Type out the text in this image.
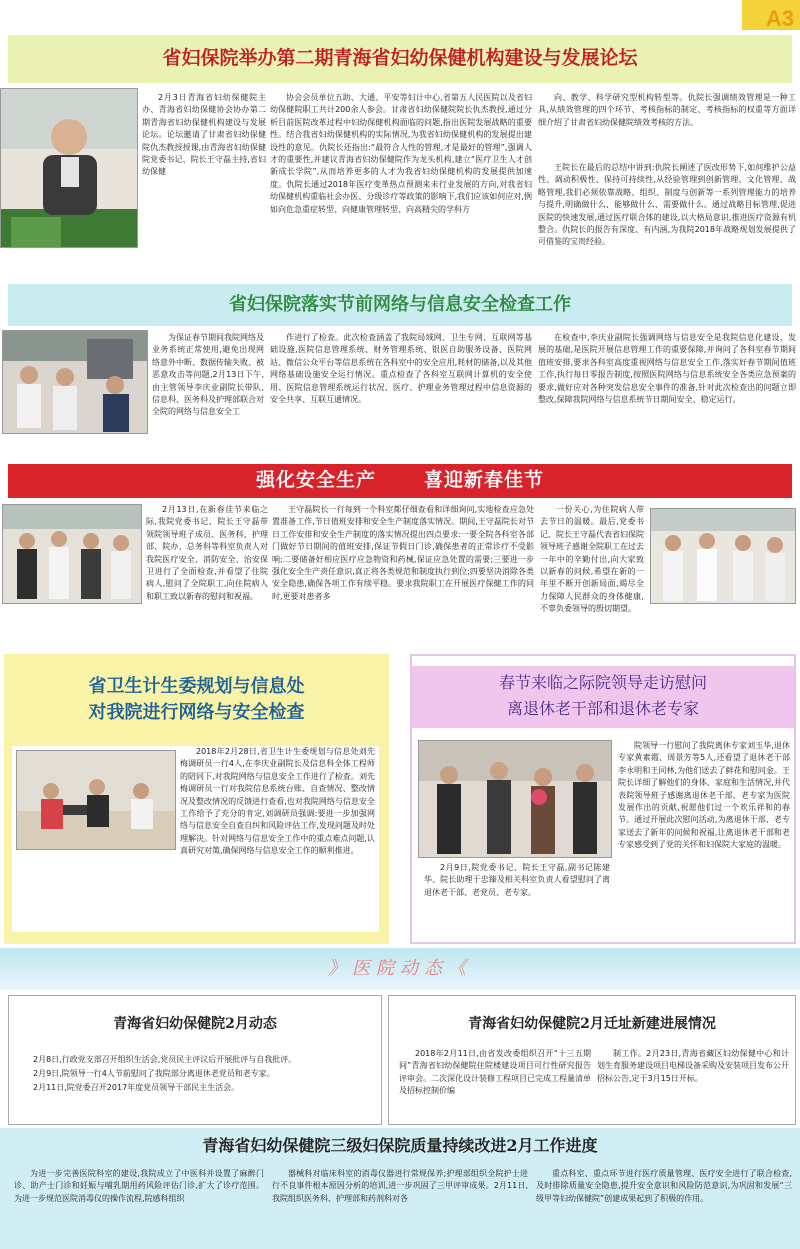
A3
省妇保院举办第二期青海省妇幼保健机构建设与发展论坛
2月3日青海省妇幼保健院主办、青海省妇幼保健协会协办第二期青海省妇幼保健机构建设与发展论坛。论坛邀请了甘肃省妇幼保健院仇杰教授授课,由青海省妇幼保健院党委书记、院长王守磊主持,省妇幼保健
协会会员单位五助、大通、平安等妇计中心,省第五人民医院以及省妇幼保健院职工共计200余人参会。甘肃省妇幼保健院院长仇杰教授,通过分析目前医院改革过程中妇幼保健机构面临的问题,指出医院发展战略的重要性。结合我省妇幼保健机构的实际情况,为我省妇幼保健机构的发展提出建设性的意见。仇院长还指出:“最符合人性的管理,才是最好的管理”,强调人才的重要性,并建议青海省妇幼保健院作为龙头机构,建立“医疗卫生人才创新成长学院”,从而培养更多的人才为我省妇幼保健机构的发展提供加速度。仇院长通过2018年医疗变革热点预测来未行业发展的方向,对我省妇幼保健机构重临社会办医、分级诊疗等政策的影响下,我们应该如何应对,例如向危急重症转型、向健康管理转型、向高精尖的学科方
向、教学、科学研究型机构转型等。仇院长强调绩效管理是一种工具,从绩效管理的四个环节、考核指标的制定、考核指标的权重等方面详细介绍了甘肃省妇幼保健院绩效考核的方法。
王院长在最后的总结中讲到:仇院长阐述了医改形势下,如何维护公益性、调动积极性、保持可持续性,从经验管理到创新管理、文化管理、战略管理,我们必须依靠战略、组织、制度与创新等一系列管理能力的培养与提升,明确做什么、能够做什么、需要做什么。通过战略目标管理,促进医院的快速发展,通过医疗联合体的建设,以大格局意识,推进医疗资源有机整合。仇院长的报告有深度、有内涵,为我院2018年战略规划发展提供了可借鉴的宝贵经验。
省妇保院落实节前网络与信息安全检查工作
为保证春节期间我院网络及业务系统正常使用,避免出现网络意外中断、数据传输失败、被恶意攻击等问题,2月13日下午,由主管领导李庆业副院长带队,信息科、医务科及护理部联合对全院的网络与信息安全工
作进行了检查。此次检查涵盖了我院局域网、卫生专网、互联网等基础设施,医院信息管理系统、财务管理系统、银医自助服务设备、医院网站、微信公众平台等信息系统在各科室中的安全应用,耗材的储备,以及其他网络基础设施安全运行情况。重点检查了各科室互联网计算机的安全使用、医院信息管理系统运行状况、医疗、护理业务管理过程中信息资源的安全共享、互联互通情况。
在检查中,李庆业副院长强调网络与信息安全是我院信息化建设、发展的基础,是医院开展信息管理工作的重要保障,并询问了各科室春节期间值班安排,要求各科室高度重视网络与信息安全工作,落实好春节期间值班工作,执行每日零报告制度,按照医院网络与信息系统安全各类应急预案的要求,做好应对各种突发信息安全事件的准备,针对此次检查出的问题立即整改,保障我院网络与信息系统节日期间安全、稳定运行。
强化安全生产	喜迎新春佳节
2月13日,在新春佳节来临之际,我院党委书记、院长王守磊带领院领导班子成员、医务科、护理部、院办、总务科等科室负责人对我院医疗安全、消防安全、治安保卫进行了全面检查,并看望了住院病人,慰问了全院职工,向住院病人和职工致以新春的慰问和祝福。
王守磊院长一行每到一个科室都仔细查看和详细询问,实地检查应急处置准备工作,节日值班安排和安全生产制度落实情况。期间,王守磊院长对节日工作安排和安全生产制度的落实情况提出四点要求:一要全院各科室各部门做好节日期间的值班安排,保证节假日门诊,确保患者的正常诊疗不受影响;二要储备好相应医疗应急物资和药械,保证应急处置的需要;三要进一步强化安全生产责任意识,真正将各类规范和制度执行到位;四要坚决消除各类安全隐患,确保各项工作有续平稳。要求我院职工在开展医疗保健工作的同时,更要对患者多
一份关心,为住院病人带去节日的温暖。最后,党委书记、院长王守磊代表省妇保院领导班子感谢全院职工在过去一年中的辛勤付出,向大家致以新春的问候,希望在新的一年里不断开创新局面,竭尽全力保障人民群众的身体健康,不辜负委领导的殷切期望。
省卫生计生委规划与信息处
对我院进行网络与安全检查
2018年2月28日,省卫生计生委规划与信息处刘先梅调研员一行4人,在李庆业副院长及信息科全体工程师的陪同下,对我院网络与信息安全工作进行了检查。刘先梅调研员一行对我院信息系统台账、自查情况、整改情况及整改情况的反馈进行查看,也对我院网络与信息安全工作给予了充分的肯定,刘调研员强调:要进一步加强网络与信息安全自查自纠和风险评估工作,发现问题及时处理解决。针对网络与信息安全工作中的重点难点问题,认真研究对策,确保网络与信息安全工作的顺利推进。
春节来临之际院领导走访慰问
离退休老干部和退休老专家
2月9日,院党委书记、院长王守磊,副书记陈建华、院长助理于忠臻及相关科室负责人看望慰问了离退休老干部、老党员、老专家。
院领导一行慰问了我院离休专家刘玉华,退休专家黄素霞、周景芳等5人,还看望了退休老干部李永明和王同林,为他们送去了鲜花和慰问金。王院长详细了解他们的身体、家庭和生活情况,并代表院领导班子感谢离退休老干部、老专家为医院发展作出的贡献,祝愿他们过一个欢乐祥和的春节。通过开展此次慰问活动,为离退休干部、老专家送去了新年的问候和祝福,让离退休老干部和老专家感受到了党的关怀和妇保院大家庭的温暖。
》医院动态《
青海省妇幼保健院2月动态
2月8日,行政党支部召开组织生活会,党员民主评议后开展批评与自我批评。
2月9日,院领导一行4人节前慰问了我院部分离退休老党员和老专家。
2月11日,院党委召开2017年度党员领导干部民主生活会。
青海省妇幼保健院2月迁址新建进展情况
2018年2月11日,由省发改委组织召开“十三五期间”青海省妇幼保健院住院楼建设项目可行性研究报告评审会。二次深化设计装修工程项目已完成工程量清单及招标控制价编
制工作。2月23日,青海省藏区妇幼保健中心和计划生育服务建设项目电梯设备采购及安装项目发布公开招标公告,定于3月15日开标。
青海省妇幼保健院三级妇保院质量持续改进2月工作进度
为进一步完善医院科室的建设,我院成立了中医科并设置了麻醉门诊、助产士门诊和妊娠与哺乳期用药风险评估门诊,扩大了诊疗范围。为进一步规范医院消毒仪的操作流程,院感科组织
器械科对临床科室的消毒仪器进行常规保养;护理部组织全院护士进行不良事件根本原因分析的培训,进一步巩固了三甲评审成果。2月11日,我院组织医务科、护理部和药剂科对各
重点科室、重点环节进行医疗质量管理、医疗安全进行了联合检查,及时排除质量安全隐患,提升安全意识和风险防范意识,为巩固和发展“三级甲等妇幼保健院”创建成果起到了积极的作用。
